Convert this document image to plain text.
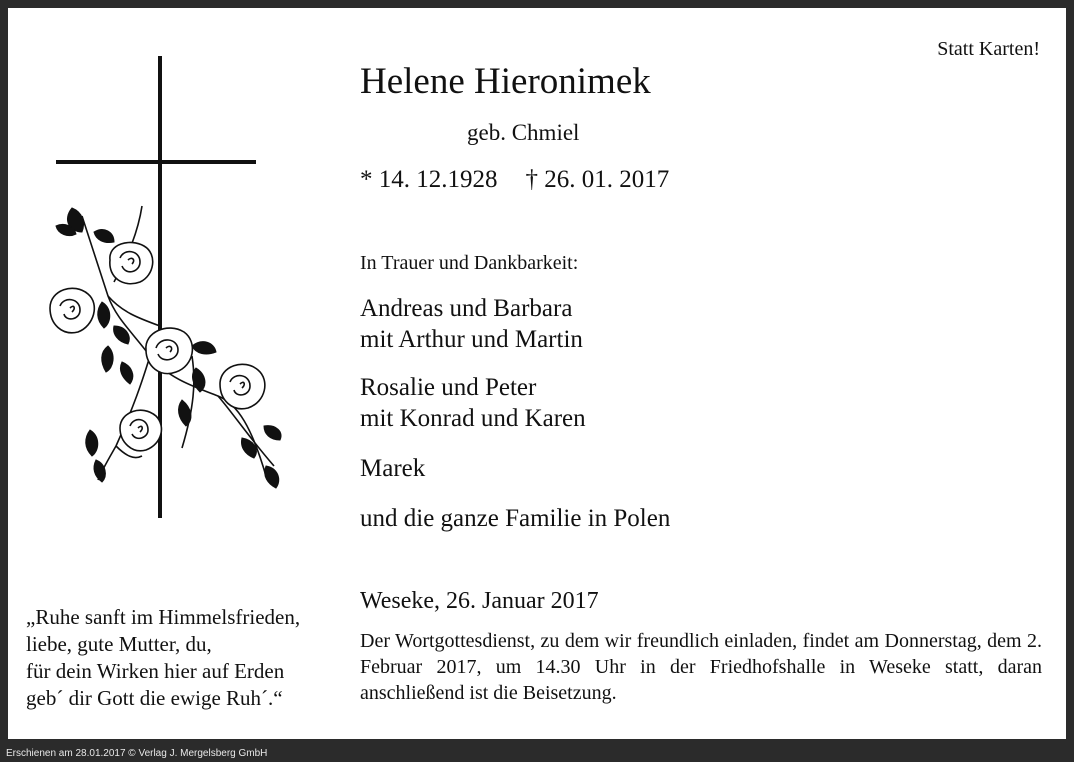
Statt Karten!
Helene Hieronimek
geb. Chmiel
* 14. 12.1928 † 26. 01. 2017
In Trauer und Dankbarkeit:
Andreas und Barbara
mit Arthur und Martin
Rosalie und Peter
mit Konrad und Karen
Marek
und die ganze Familie in Polen
Weseke, 26. Januar 2017
Der Wortgottesdienst, zu dem wir freundlich einladen, findet am Donnerstag, dem 2. Februar 2017, um 14.30 Uhr in der Friedhofshalle in Weseke statt, daran anschließend ist die Beisetzung.
„Ruhe sanft im Himmelsfrieden,
liebe, gute Mutter, du,
für dein Wirken hier auf Erden
geb´ dir Gott die ewige Ruh´.“
Erschienen am 28.01.2017 © Verlag J. Mergelsberg GmbH
